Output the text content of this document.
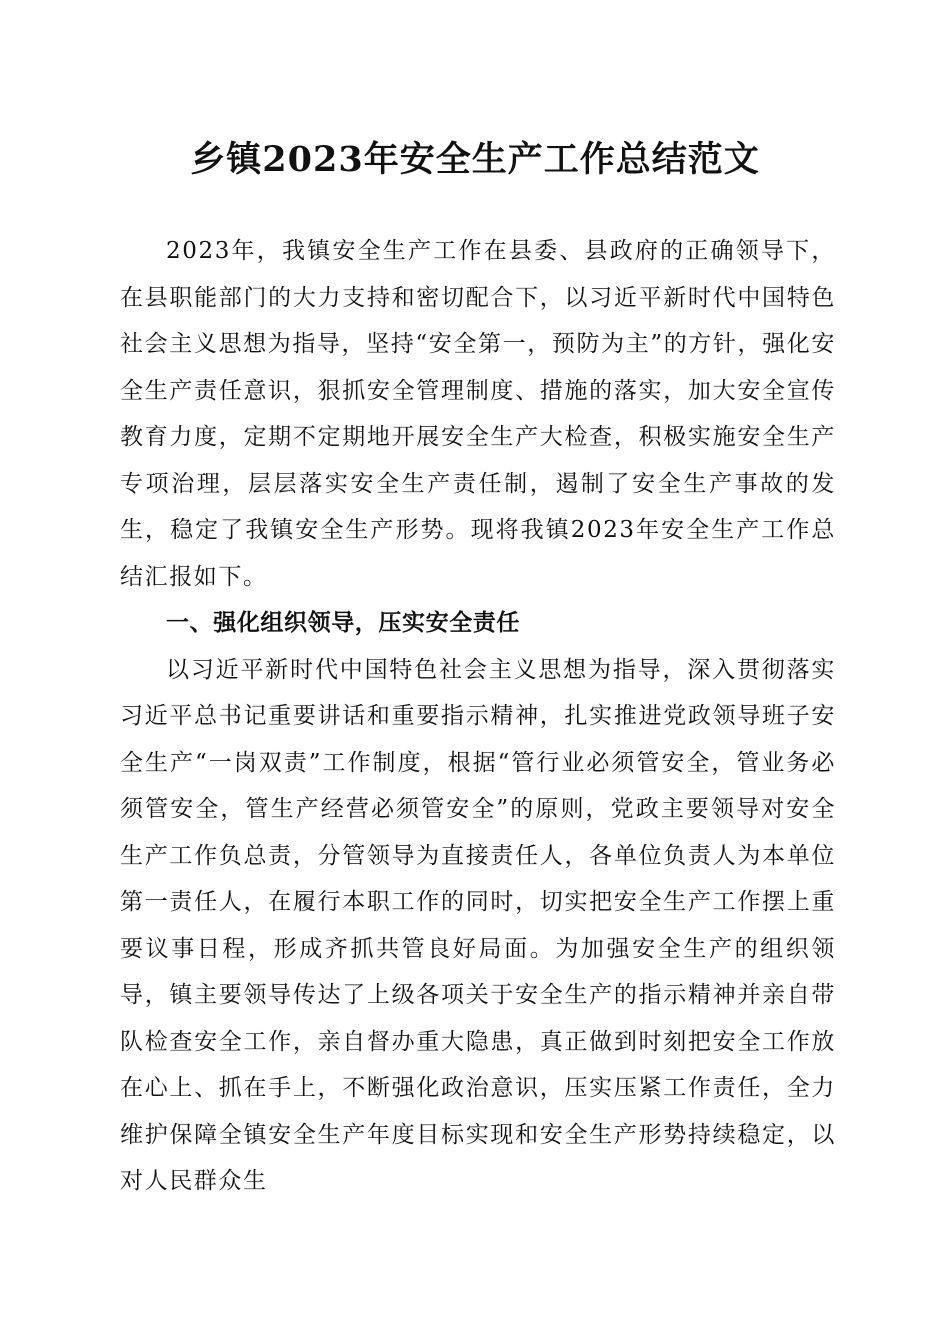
乡镇2023年安全生产工作总结范文

2023年，我镇安全生产工作在县委、县政府的正确领导下，在县职能部门的大力支持和密切配合下，以习近平新时代中国特色社会主义思想为指导，坚持“安全第一，预防为主”的方针，强化安全生产责任意识，狠抓安全管理制度、措施的落实，加大安全宣传教育力度，定期不定期地开展安全生产大检查，积极实施安全生产专项治理，层层落实安全生产责任制，遏制了安全生产事故的发生，稳定了我镇安全生产形势。现将我镇2023年安全生产工作总结汇报如下。

一、强化组织领导，压实安全责任

以习近平新时代中国特色社会主义思想为指导，深入贯彻落实习近平总书记重要讲话和重要指示精神，扎实推进党政领导班子安全生产“一岗双责”工作制度，根据“管行业必须管安全，管业务必须管安全，管生产经营必须管安全”的原则，党政主要领导对安全生产工作负总责，分管领导为直接责任人，各单位负责人为本单位第一责任人，在履行本职工作的同时，切实把安全生产工作摆上重要议事日程，形成齐抓共管良好局面。为加强安全生产的组织领导，镇主要领导传达了上级各项关于安全生产的指示精神并亲自带队检查安全工作，亲自督办重大隐患，真正做到时刻把安全工作放在心上、抓在手上，不断强化政治意识，压实压紧工作责任，全力维护保障全镇安全生产年度目标实现和安全生产形势持续稳定，以对人民群众生
